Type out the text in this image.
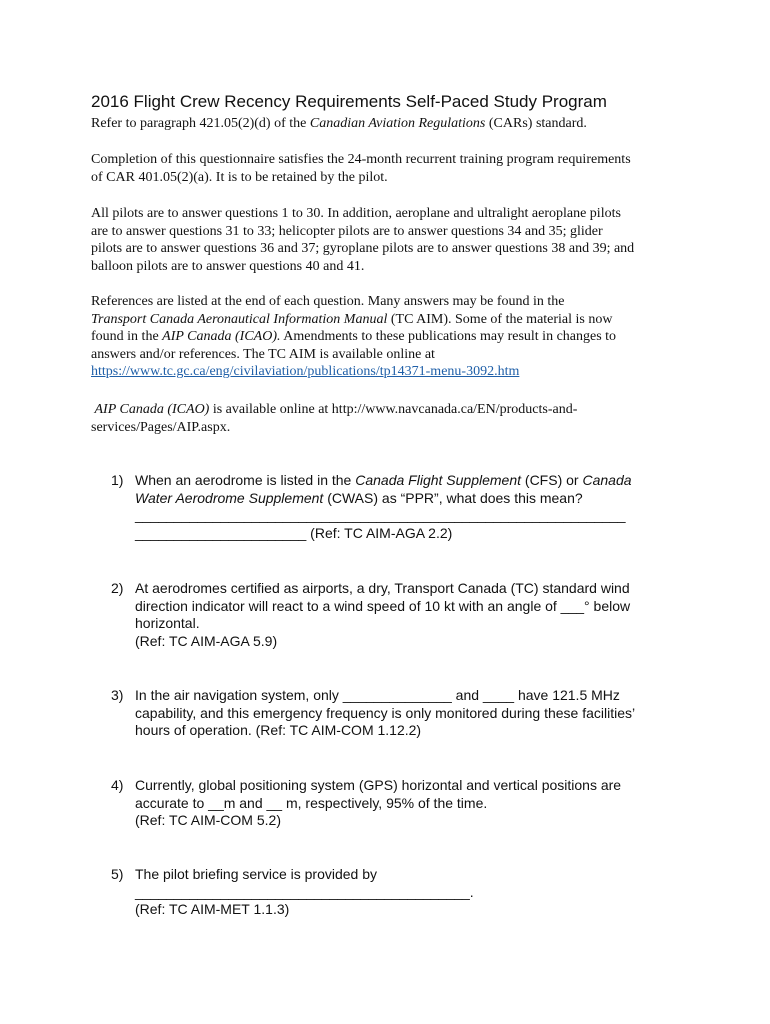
2016 Flight Crew Recency Requirements Self-Paced Study Program
Refer to paragraph 421.05(2)(d) of the Canadian Aviation Regulations (CARs) standard.
Completion of this questionnaire satisfies the 24-month recurrent training program requirements
of CAR 401.05(2)(a). It is to be retained by the pilot.
All pilots are to answer questions 1 to 30. In addition, aeroplane and ultralight aeroplane pilots
are to answer questions 31 to 33; helicopter pilots are to answer questions 34 and 35; glider
pilots are to answer questions 36 and 37; gyroplane pilots are to answer questions 38 and 39; and
balloon pilots are to answer questions 40 and 41.
References are listed at the end of each question. Many answers may be found in the
Transport Canada Aeronautical Information Manual (TC AIM). Some of the material is now
found in the AIP Canada (ICAO). Amendments to these publications may result in changes to
answers and/or references. The TC AIM is available online at
https://www.tc.gc.ca/eng/civilaviation/publications/tp14371-menu-3092.htm
AIP Canada (ICAO) is available online at http://www.navcanada.ca/EN/products-and-
services/Pages/AIP.aspx.
1) When an aerodrome is listed in the Canada Flight Supplement (CFS) or Canada
Water Aerodrome Supplement (CWAS) as “PPR”, what does this mean?
_______________________________________________________________
______________________ (Ref: TC AIM-AGA 2.2)
2) At aerodromes certified as airports, a dry, Transport Canada (TC) standard wind
direction indicator will react to a wind speed of 10 kt with an angle of ___° below
horizontal.
(Ref: TC AIM-AGA 5.9)
3) In the air navigation system, only ______________ and ____ have 121.5 MHz
capability, and this emergency frequency is only monitored during these facilities’
hours of operation. (Ref: TC AIM-COM 1.12.2)
4) Currently, global positioning system (GPS) horizontal and vertical positions are
accurate to __m and __ m, respectively, 95% of the time.
(Ref: TC AIM-COM 5.2)
5) The pilot briefing service is provided by
___________________________________________.
(Ref: TC AIM-MET 1.1.3)
